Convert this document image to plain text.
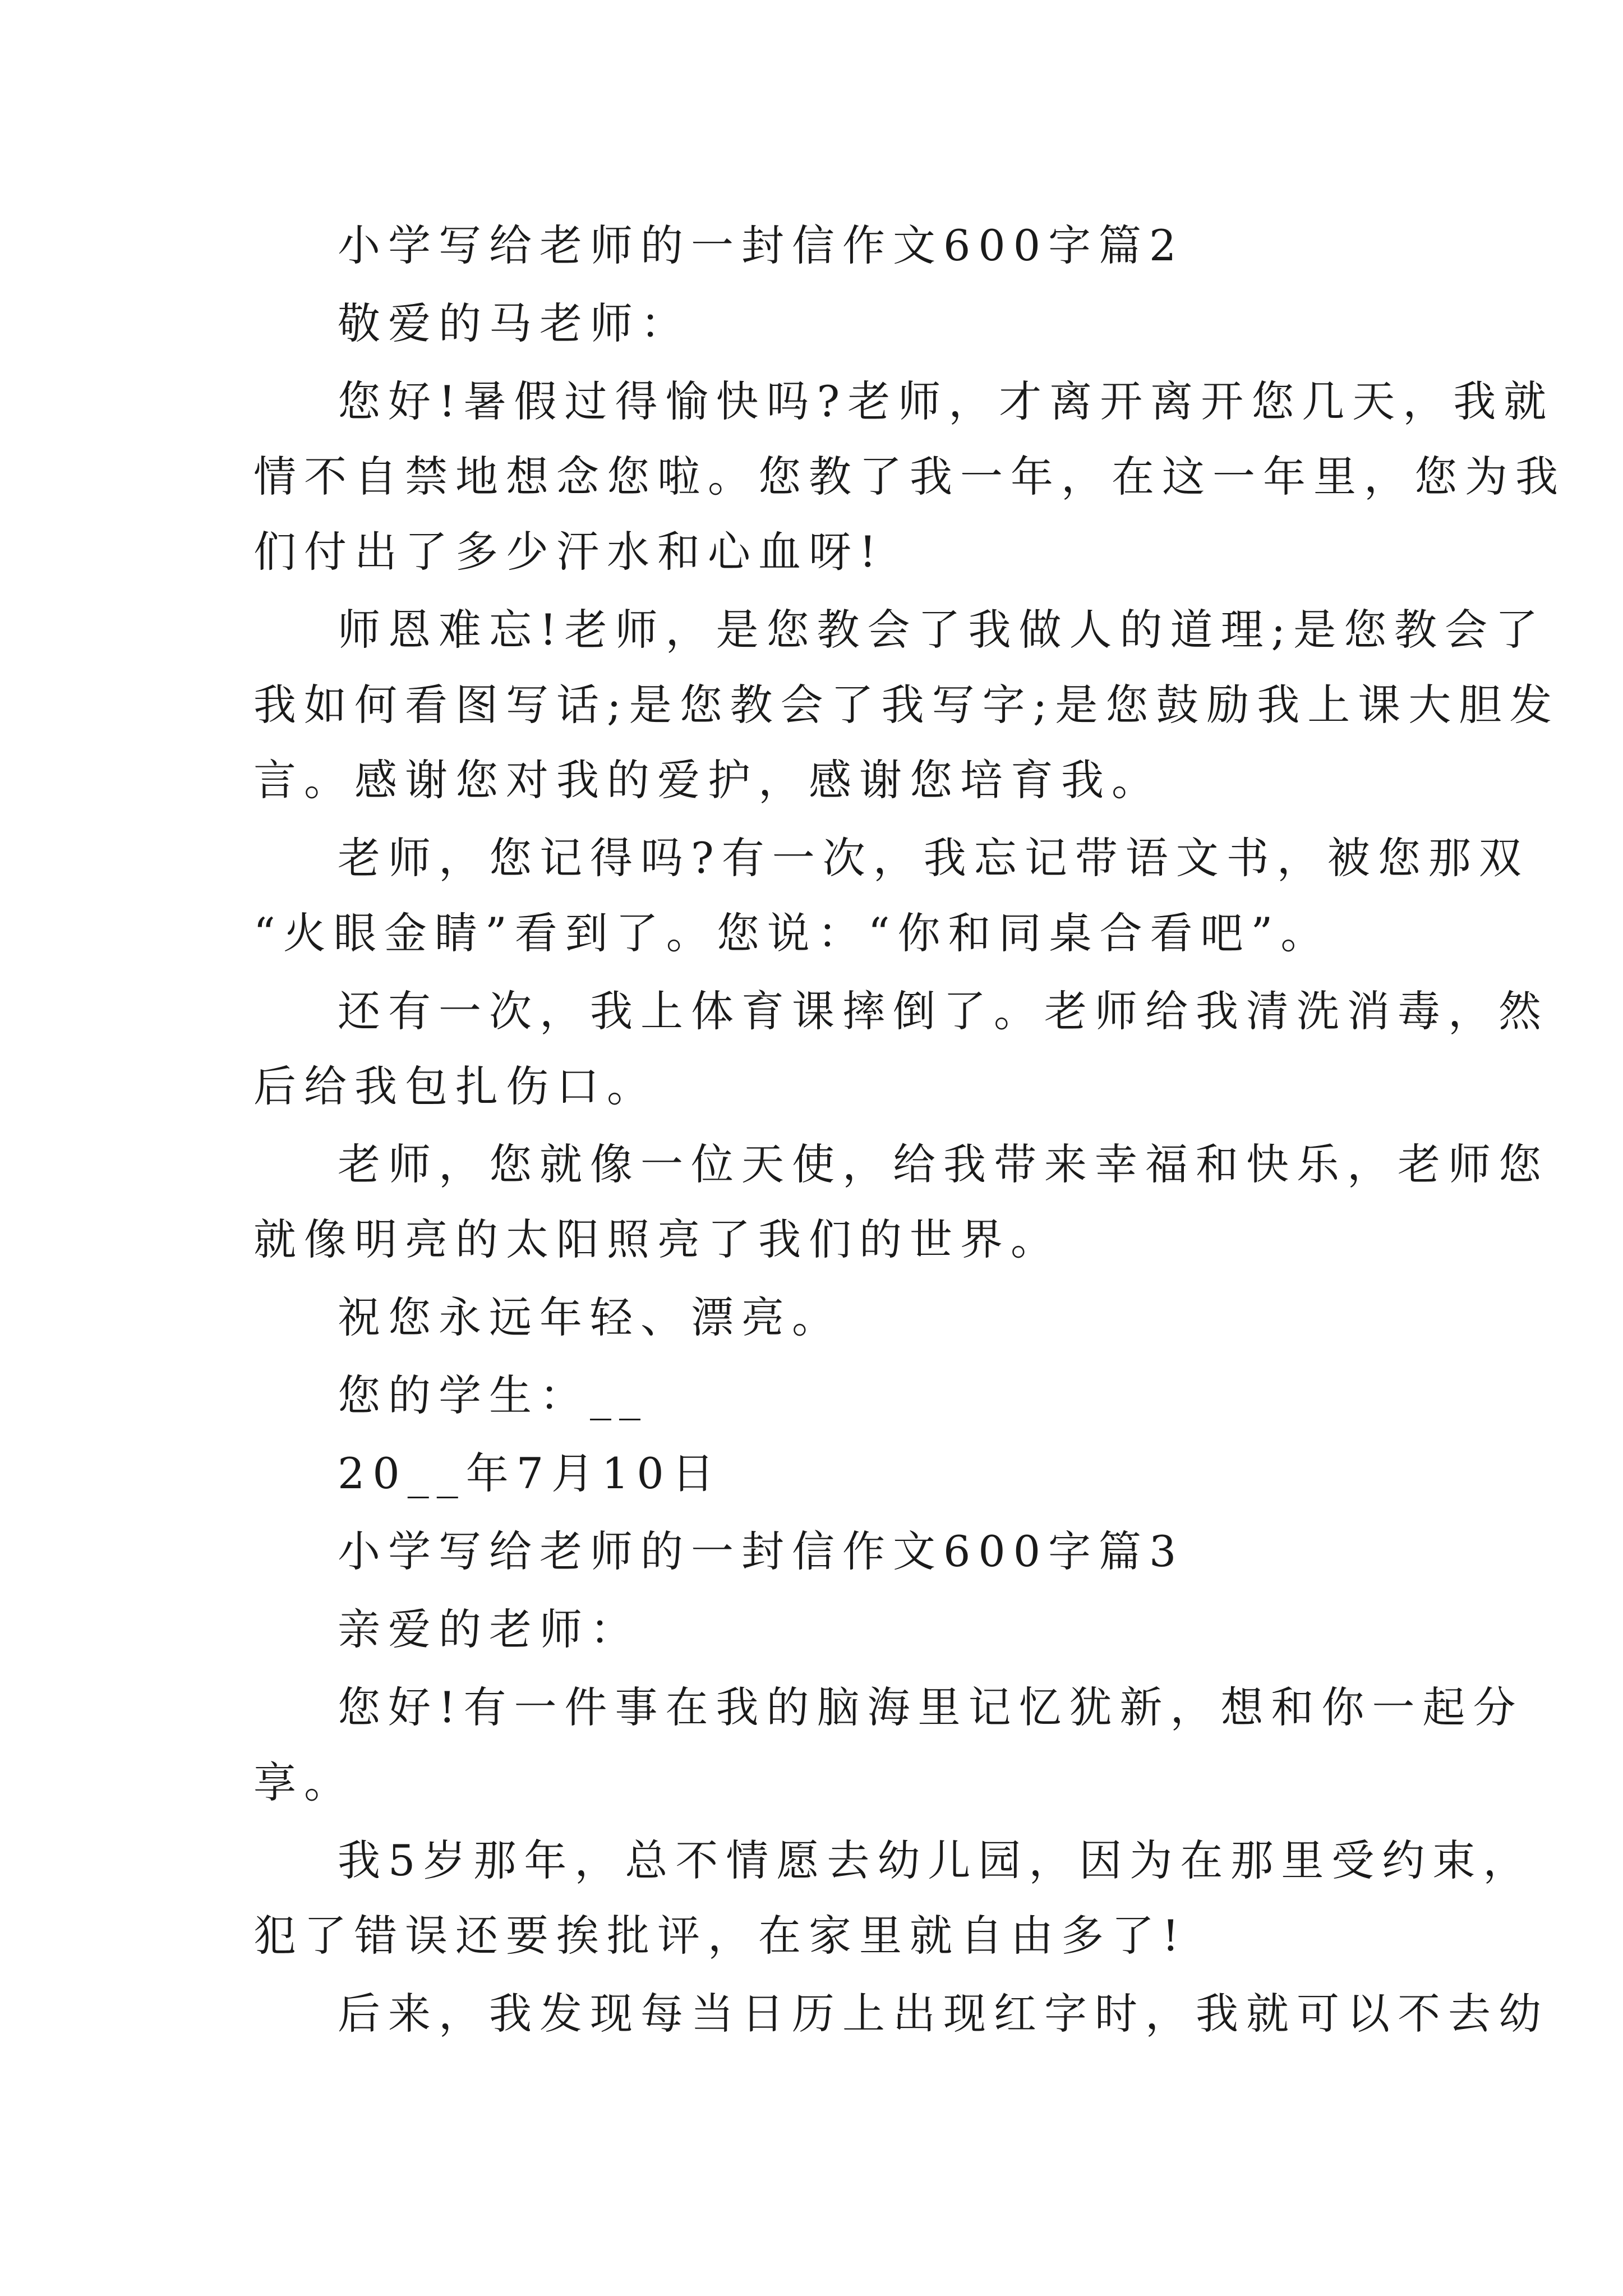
小学写给老师的一封信作文600字篇2
敬爱的马老师：
您好!暑假过得愉快吗?老师，才离开离开您几天，我就
情不自禁地想念您啦。您教了我一年，在这一年里，您为我
们付出了多少汗水和心血呀!
师恩难忘!老师，是您教会了我做人的道理;是您教会了
我如何看图写话;是您教会了我写字;是您鼓励我上课大胆发
言。感谢您对我的爱护，感谢您培育我。
老师，您记得吗?有一次，我忘记带语文书，被您那双
“火眼金睛”看到了。您说：“你和同桌合看吧”。
还有一次，我上体育课摔倒了。老师给我清洗消毒，然
后给我包扎伤口。
老师，您就像一位天使，给我带来幸福和快乐，老师您
就像明亮的太阳照亮了我们的世界。
祝您永远年轻、漂亮。
您的学生：__
20__年7月10日
小学写给老师的一封信作文600字篇3
亲爱的老师：
您好!有一件事在我的脑海里记忆犹新，想和你一起分
享。
我5岁那年，总不情愿去幼儿园，因为在那里受约束，
犯了错误还要挨批评，在家里就自由多了!
后来，我发现每当日历上出现红字时，我就可以不去幼
